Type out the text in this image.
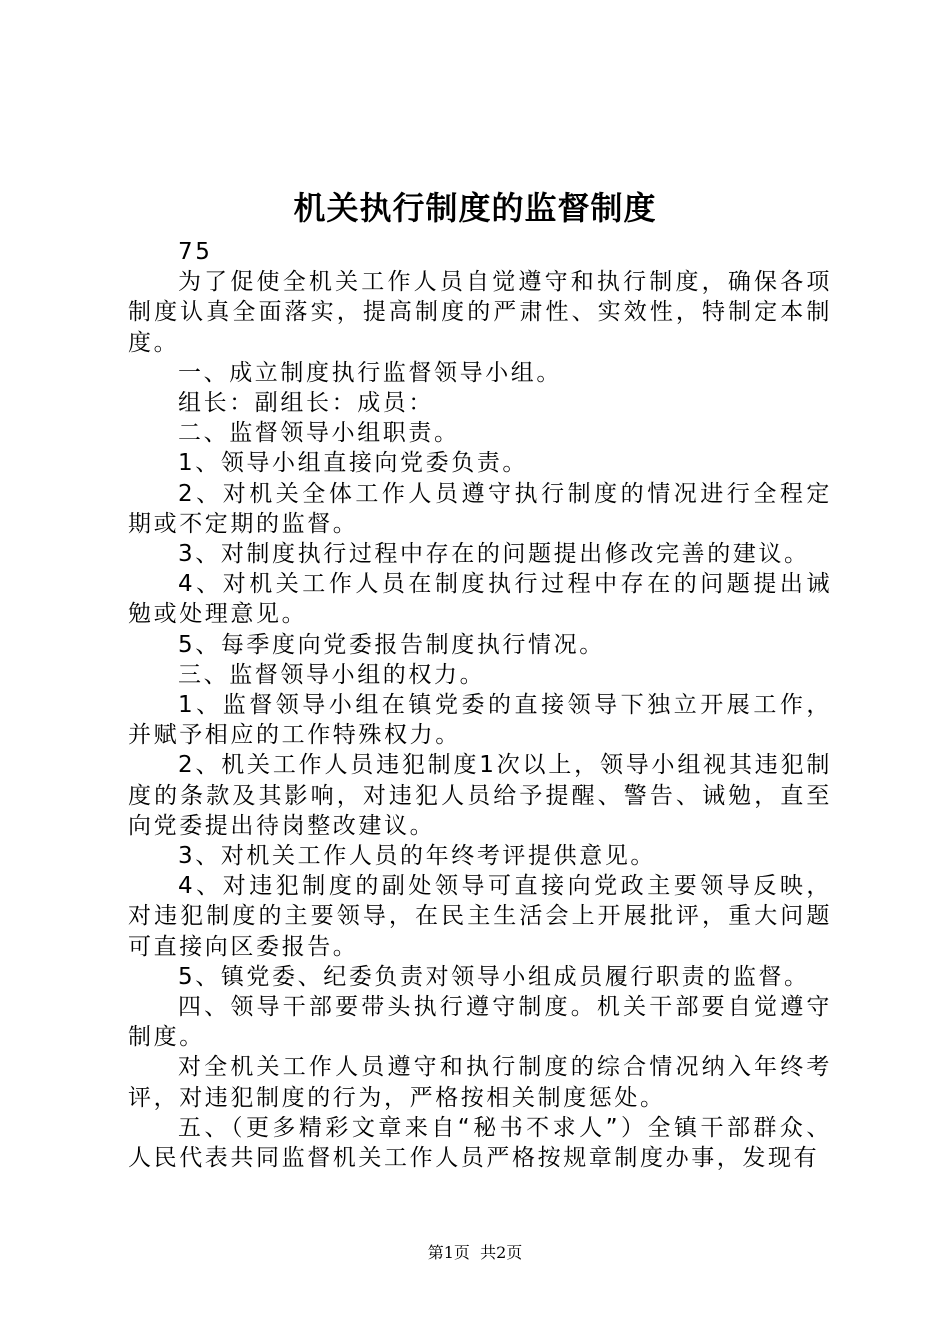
机关执行制度的监督制度

75

为了促使全机关工作人员自觉遵守和执行制度，确保各项制度认真全面落实，提高制度的严肃性、实效性，特制定本制度。

一、成立制度执行监督领导小组。

组长：副组长：成员：

二、监督领导小组职责。

1、领导小组直接向党委负责。

2、对机关全体工作人员遵守执行制度的情况进行全程定期或不定期的监督。

3、对制度执行过程中存在的问题提出修改完善的建议。

4、对机关工作人员在制度执行过程中存在的问题提出诫勉或处理意见。

5、每季度向党委报告制度执行情况。

三、监督领导小组的权力。

1、监督领导小组在镇党委的直接领导下独立开展工作，并赋予相应的工作特殊权力。

2、机关工作人员违犯制度1次以上，领导小组视其违犯制度的条款及其影响，对违犯人员给予提醒、警告、诫勉，直至向党委提出待岗整改建议。

3、对机关工作人员的年终考评提供意见。

4、对违犯制度的副处领导可直接向党政主要领导反映，对违犯制度的主要领导，在民主生活会上开展批评，重大问题可直接向区委报告。

5、镇党委、纪委负责对领导小组成员履行职责的监督。

四、领导干部要带头执行遵守制度。机关干部要自觉遵守制度。

对全机关工作人员遵守和执行制度的综合情况纳入年终考评，对违犯制度的行为，严格按相关制度惩处。

五、（更多精彩文章来自“秘书不求人”）全镇干部群众、人民代表共同监督机关工作人员严格按规章制度办事，发现有

第1页 共2页
